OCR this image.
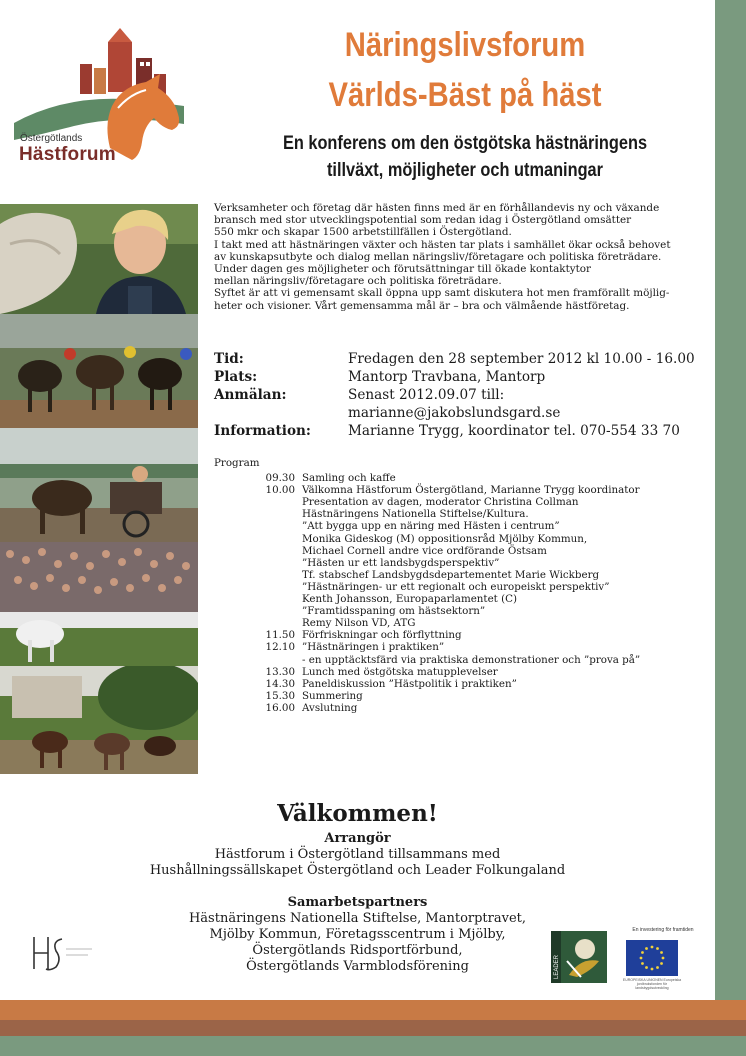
Östergötlands
Hästforum
Näringslivsforum
Världs-Bäst på häst
En konferens om den östgötska hästnäringens
tillväxt, möjligheter och utmaningar

Verksamheter och företag där hästen finns med är en förhållandevis ny och växande

bransch med stor utvecklingspotential som redan idag i Östergötland omsätter

550 mkr och skapar 1500 arbetstillfällen i Östergötland.

I takt med att hästnäringen växter och hästen tar plats i samhället ökar också behovet

av kunskapsutbyte och dialog mellan näringsliv/företagare och politiska företrädare.

Under dagen ges möjligheter och förutsättningar till ökade kontaktytor

mellan näringsliv/företagare och politiska företrädare.

Syftet är att vi gemensamt skall öppna upp samt diskutera hot men framförallt möjlig-

heter och visioner. Vårt gemensamma mål är – bra och välmående hästföretag.

Tid:	Fredagen den 28 september 2012 kl 10.00 - 16.00
Plats:	Mantorp Travbana, Mantorp
Anmälan:	Senast 2012.09.07 till:
marianne@jakobslundsgard.se
Information:	Marianne Trygg, koordinator tel. 070-554 33 70
Program
09.30 Samling och kaffe
10.00 Välkomna Hästforum Östergötland, Marianne Trygg koordinator
Presentation av dagen, moderator Christina Collman
Hästnäringens Nationella Stiftelse/Kultura.
”Att bygga upp en näring med Hästen i centrum”
Monika Gideskog (M) oppositionsråd Mjölby Kommun,
Michael Cornell andre vice ordförande Östsam
”Hästen ur ett landsbygdsperspektiv”
Tf. stabschef Landsbygdsdepartementet Marie Wickberg
”Hästnäringen- ur ett regionalt och europeiskt perspektiv”
Kenth Johansson, Europaparlamentet (C)
”Framtidsspaning om hästsektorn”
Remy Nilson VD, ATG
11.50 Förfriskningar och förflyttning
12.10 ”Hästnäringen i praktiken”
- en upptäcktsfärd via praktiska demonstrationer och ”prova på”
13.30 Lunch med östgötska matupplevelser
14.30 Paneldiskussion ”Hästpolitik i praktiken”
15.30 Summering
16.00 Avslutning
Välkommen!
Arrangör
Hästforum i Östergötland tillsammans med
Hushållningssällskapet Östergötland och Leader Folkungaland
Samarbetspartners
Hästnäringens Nationella Stiftelse, Mantorptravet,
Mjölby Kommun, Företagsscentrum i Mjölby,
Östergötlands Ridsportförbund,
Östergötlands Varmblodsförening	LEADER
En investering för framtiden
EUROPEISKA UNIONEN Europeiska jordbruksfonden för landsbygdsutveckling
